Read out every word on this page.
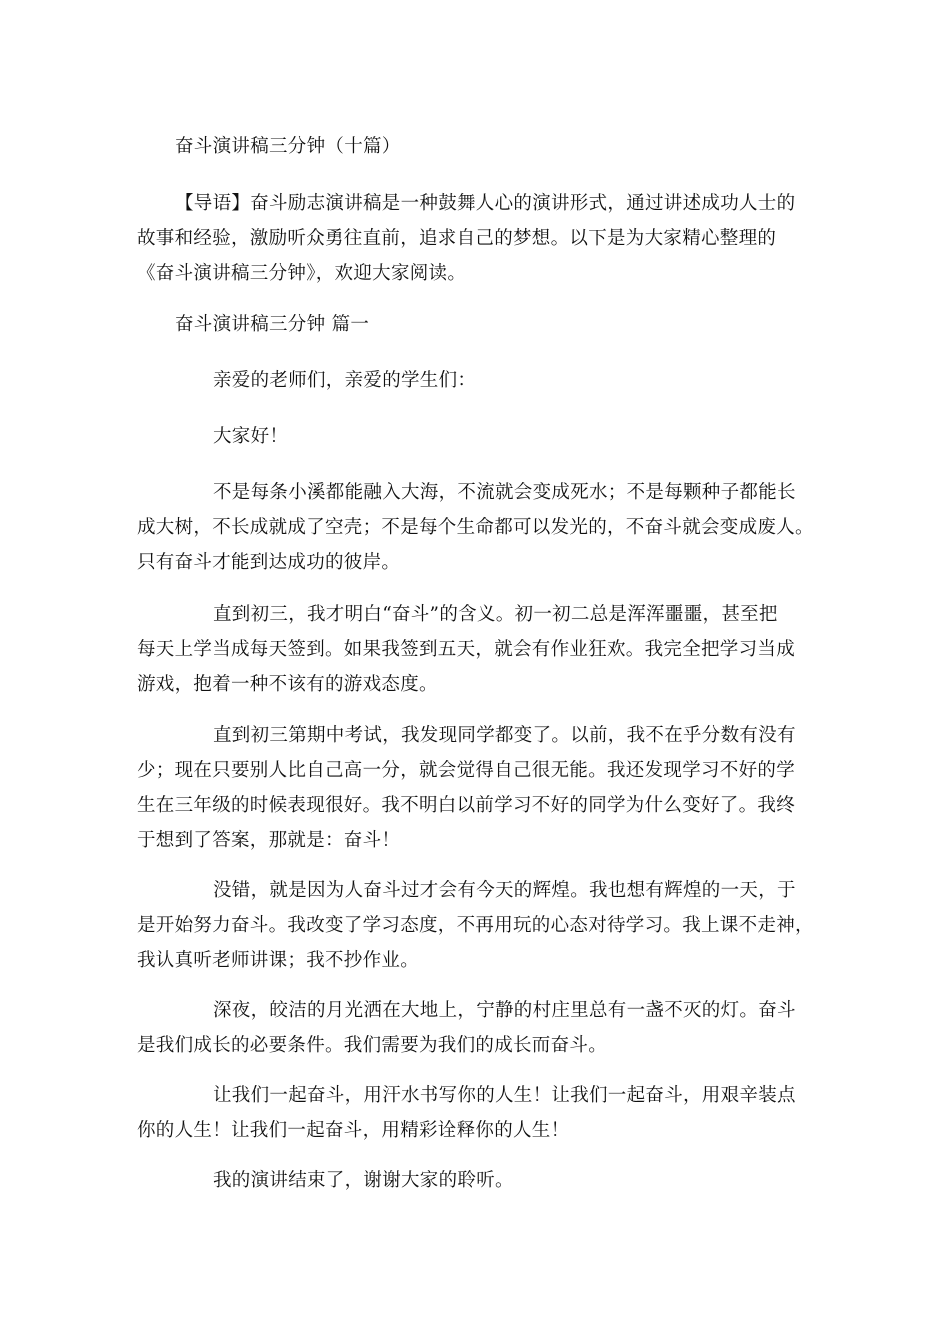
奋斗演讲稿三分钟（十篇）
【导语】奋斗励志演讲稿是一种鼓舞人心的演讲形式，通过讲述成功人士的
故事和经验，激励听众勇往直前，追求自己的梦想。以下是为大家精心整理的
《奋斗演讲稿三分钟》，欢迎大家阅读。
奋斗演讲稿三分钟 篇一
亲爱的老师们，亲爱的学生们：
大家好！
不是每条小溪都能融入大海，不流就会变成死水；不是每颗种子都能长
成大树，不长成就成了空壳；不是每个生命都可以发光的，不奋斗就会变成废人。
只有奋斗才能到达成功的彼岸。
直到初三，我才明白“奋斗”的含义。初一初二总是浑浑噩噩，甚至把
每天上学当成每天签到。如果我签到五天，就会有作业狂欢。我完全把学习当成
游戏，抱着一种不该有的游戏态度。
直到初三第期中考试，我发现同学都变了。以前，我不在乎分数有没有
少；现在只要别人比自己高一分，就会觉得自己很无能。我还发现学习不好的学
生在三年级的时候表现很好。我不明白以前学习不好的同学为什么变好了。我终
于想到了答案，那就是：奋斗！
没错，就是因为人奋斗过才会有今天的辉煌。我也想有辉煌的一天，于
是开始努力奋斗。我改变了学习态度，不再用玩的心态对待学习。我上课不走神，
我认真听老师讲课；我不抄作业。
深夜，皎洁的月光洒在大地上，宁静的村庄里总有一盏不灭的灯。奋斗
是我们成长的必要条件。我们需要为我们的成长而奋斗。
让我们一起奋斗，用汗水书写你的人生！让我们一起奋斗，用艰辛装点
你的人生！让我们一起奋斗，用精彩诠释你的人生！
我的演讲结束了，谢谢大家的聆听。
